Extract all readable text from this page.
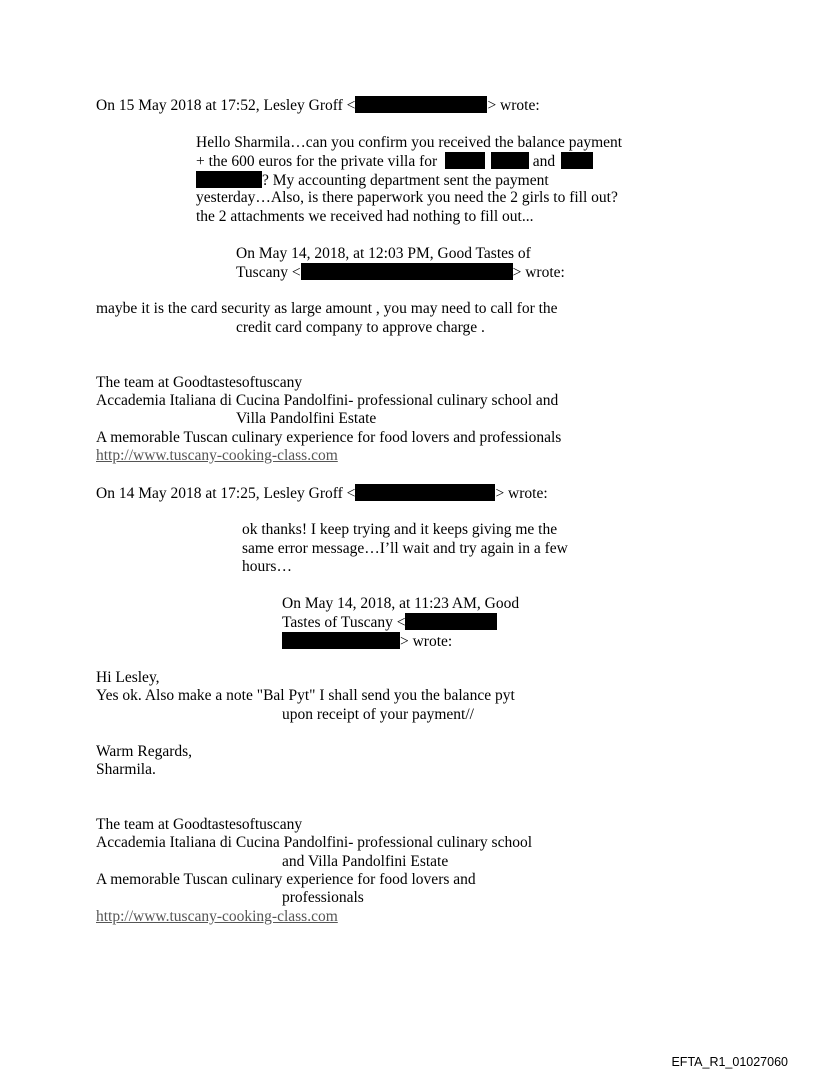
On 15 May 2018 at 17:52, Lesley Groff <	> wrote:
Hello Sharmila…can you confirm you received the balance payment
+ the 600 euros for the private villa for	and
? My accounting department sent the payment
yesterday…Also, is there paperwork you need the 2 girls to fill out?
the 2 attachments we received had nothing to fill out...
On May 14, 2018, at 12:03 PM, Good Tastes of
Tuscany <	> wrote:
maybe it is the card security as large amount , you may need to call for the
credit card company to approve charge .
The team at Goodtastesoftuscany
Accademia Italiana di Cucina Pandolfini- professional culinary school and
Villa Pandolfini Estate
A memorable Tuscan culinary experience for food lovers and professionals
http://www.tuscany-cooking-class.com
On 14 May 2018 at 17:25, Lesley Groff <	> wrote:
ok thanks! I keep trying and it keeps giving me the
same error message…I’ll wait and try again in a few
hours…
On May 14, 2018, at 11:23 AM, Good
Tastes of Tuscany <
> wrote:
Hi Lesley,
Yes ok. Also make a note "Bal Pyt" I shall send you the balance pyt
upon receipt of your payment//
Warm Regards,
Sharmila.
The team at Goodtastesoftuscany
Accademia Italiana di Cucina Pandolfini- professional culinary school
and Villa Pandolfini Estate
A memorable Tuscan culinary experience for food lovers and
professionals
http://www.tuscany-cooking-class.com
EFTA_R1_01027060
